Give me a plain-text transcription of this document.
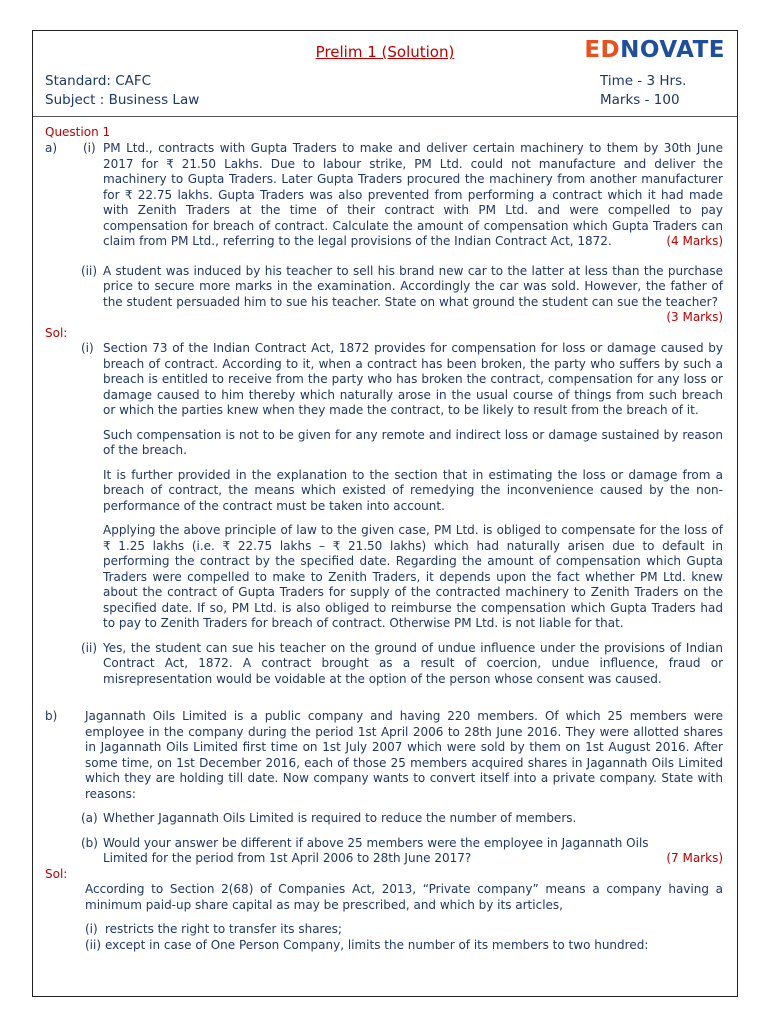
Prelim 1 (Solution)	EDNOVATE
Standard: CAFC
Subject : Business Law
Time - 3 Hrs.
Marks - 100
Question 1
a) (i) PM Ltd., contracts with Gupta Traders to make and deliver certain machinery to them by 30th June 2017 for ₹ 21.50 Lakhs. Due to labour strike, PM Ltd. could not manufacture and deliver the machinery to Gupta Traders. Later Gupta Traders procured the machinery from another manufacturer for ₹ 22.75 lakhs. Gupta Traders was also prevented from performing a contract which it had made with Zenith Traders at the time of their contract with PM Ltd. and were compelled to pay compensation for breach of contract. Calculate the amount of compensation which Gupta Traders can claim from PM Ltd., referring to the legal provisions of the Indian Contract Act, 1872.	(4 Marks)
(ii) A student was induced by his teacher to sell his brand new car to the latter at less than the purchase price to secure more marks in the examination. Accordingly the car was sold. However, the father of the student persuaded him to sue his teacher. State on what ground the student can sue the teacher?

(3 Marks)
Sol:
(i) Section 73 of the Indian Contract Act, 1872 provides for compensation for loss or damage caused by breach of contract. According to it, when a contract has been broken, the party who suffers by such a breach is entitled to receive from the party who has broken the contract, compensation for any loss or damage caused to him thereby which naturally arose in the usual course of things from such breach or which the parties knew when they made the contract, to be likely to result from the breach of it.

Such compensation is not to be given for any remote and indirect loss or damage sustained by reason of the breach.

It is further provided in the explanation to the section that in estimating the loss or damage from a breach of contract, the means which existed of remedying the inconvenience caused by the non-performance of the contract must be taken into account.

Applying the above principle of law to the given case, PM Ltd. is obliged to compensate for the loss of ₹ 1.25 lakhs (i.e. ₹ 22.75 lakhs – ₹ 21.50 lakhs) which had naturally arisen due to default in performing the contract by the specified date. Regarding the amount of compensation which Gupta Traders were compelled to make to Zenith Traders, it depends upon the fact whether PM Ltd. knew about the contract of Gupta Traders for supply of the contracted machinery to Zenith Traders on the specified date. If so, PM Ltd. is also obliged to reimburse the compensation which Gupta Traders had to pay to Zenith Traders for breach of contract. Otherwise PM Ltd. is not liable for that.

(ii) Yes, the student can sue his teacher on the ground of undue influence under the provisions of Indian Contract Act, 1872. A contract brought as a result of coercion, undue influence, fraud or misrepresentation would be voidable at the option of the person whose consent was caused.

b) Jagannath Oils Limited is a public company and having 220 members. Of which 25 members were employee in the company during the period 1st April 2006 to 28th June 2016. They were allotted shares in Jagannath Oils Limited first time on 1st July 2007 which were sold by them on 1st August 2016. After some time, on 1st December 2016, each of those 25 members acquired shares in Jagannath Oils Limited which they are holding till date. Now company wants to convert itself into a private company. State with reasons:

(a) Whether Jagannath Oils Limited is required to reduce the number of members.

(b) Would your answer be different if above 25 members were the employee in Jagannath Oils Limited for the period from 1st April 2006 to 28th June 2017?	(7 Marks)
Sol:

According to Section 2(68) of Companies Act, 2013, “Private company” means a company having a minimum paid-up share capital as may be prescribed, and which by its articles,

(i) restricts the right to transfer its shares;

(ii) except in case of One Person Company, limits the number of its members to two hundred:
